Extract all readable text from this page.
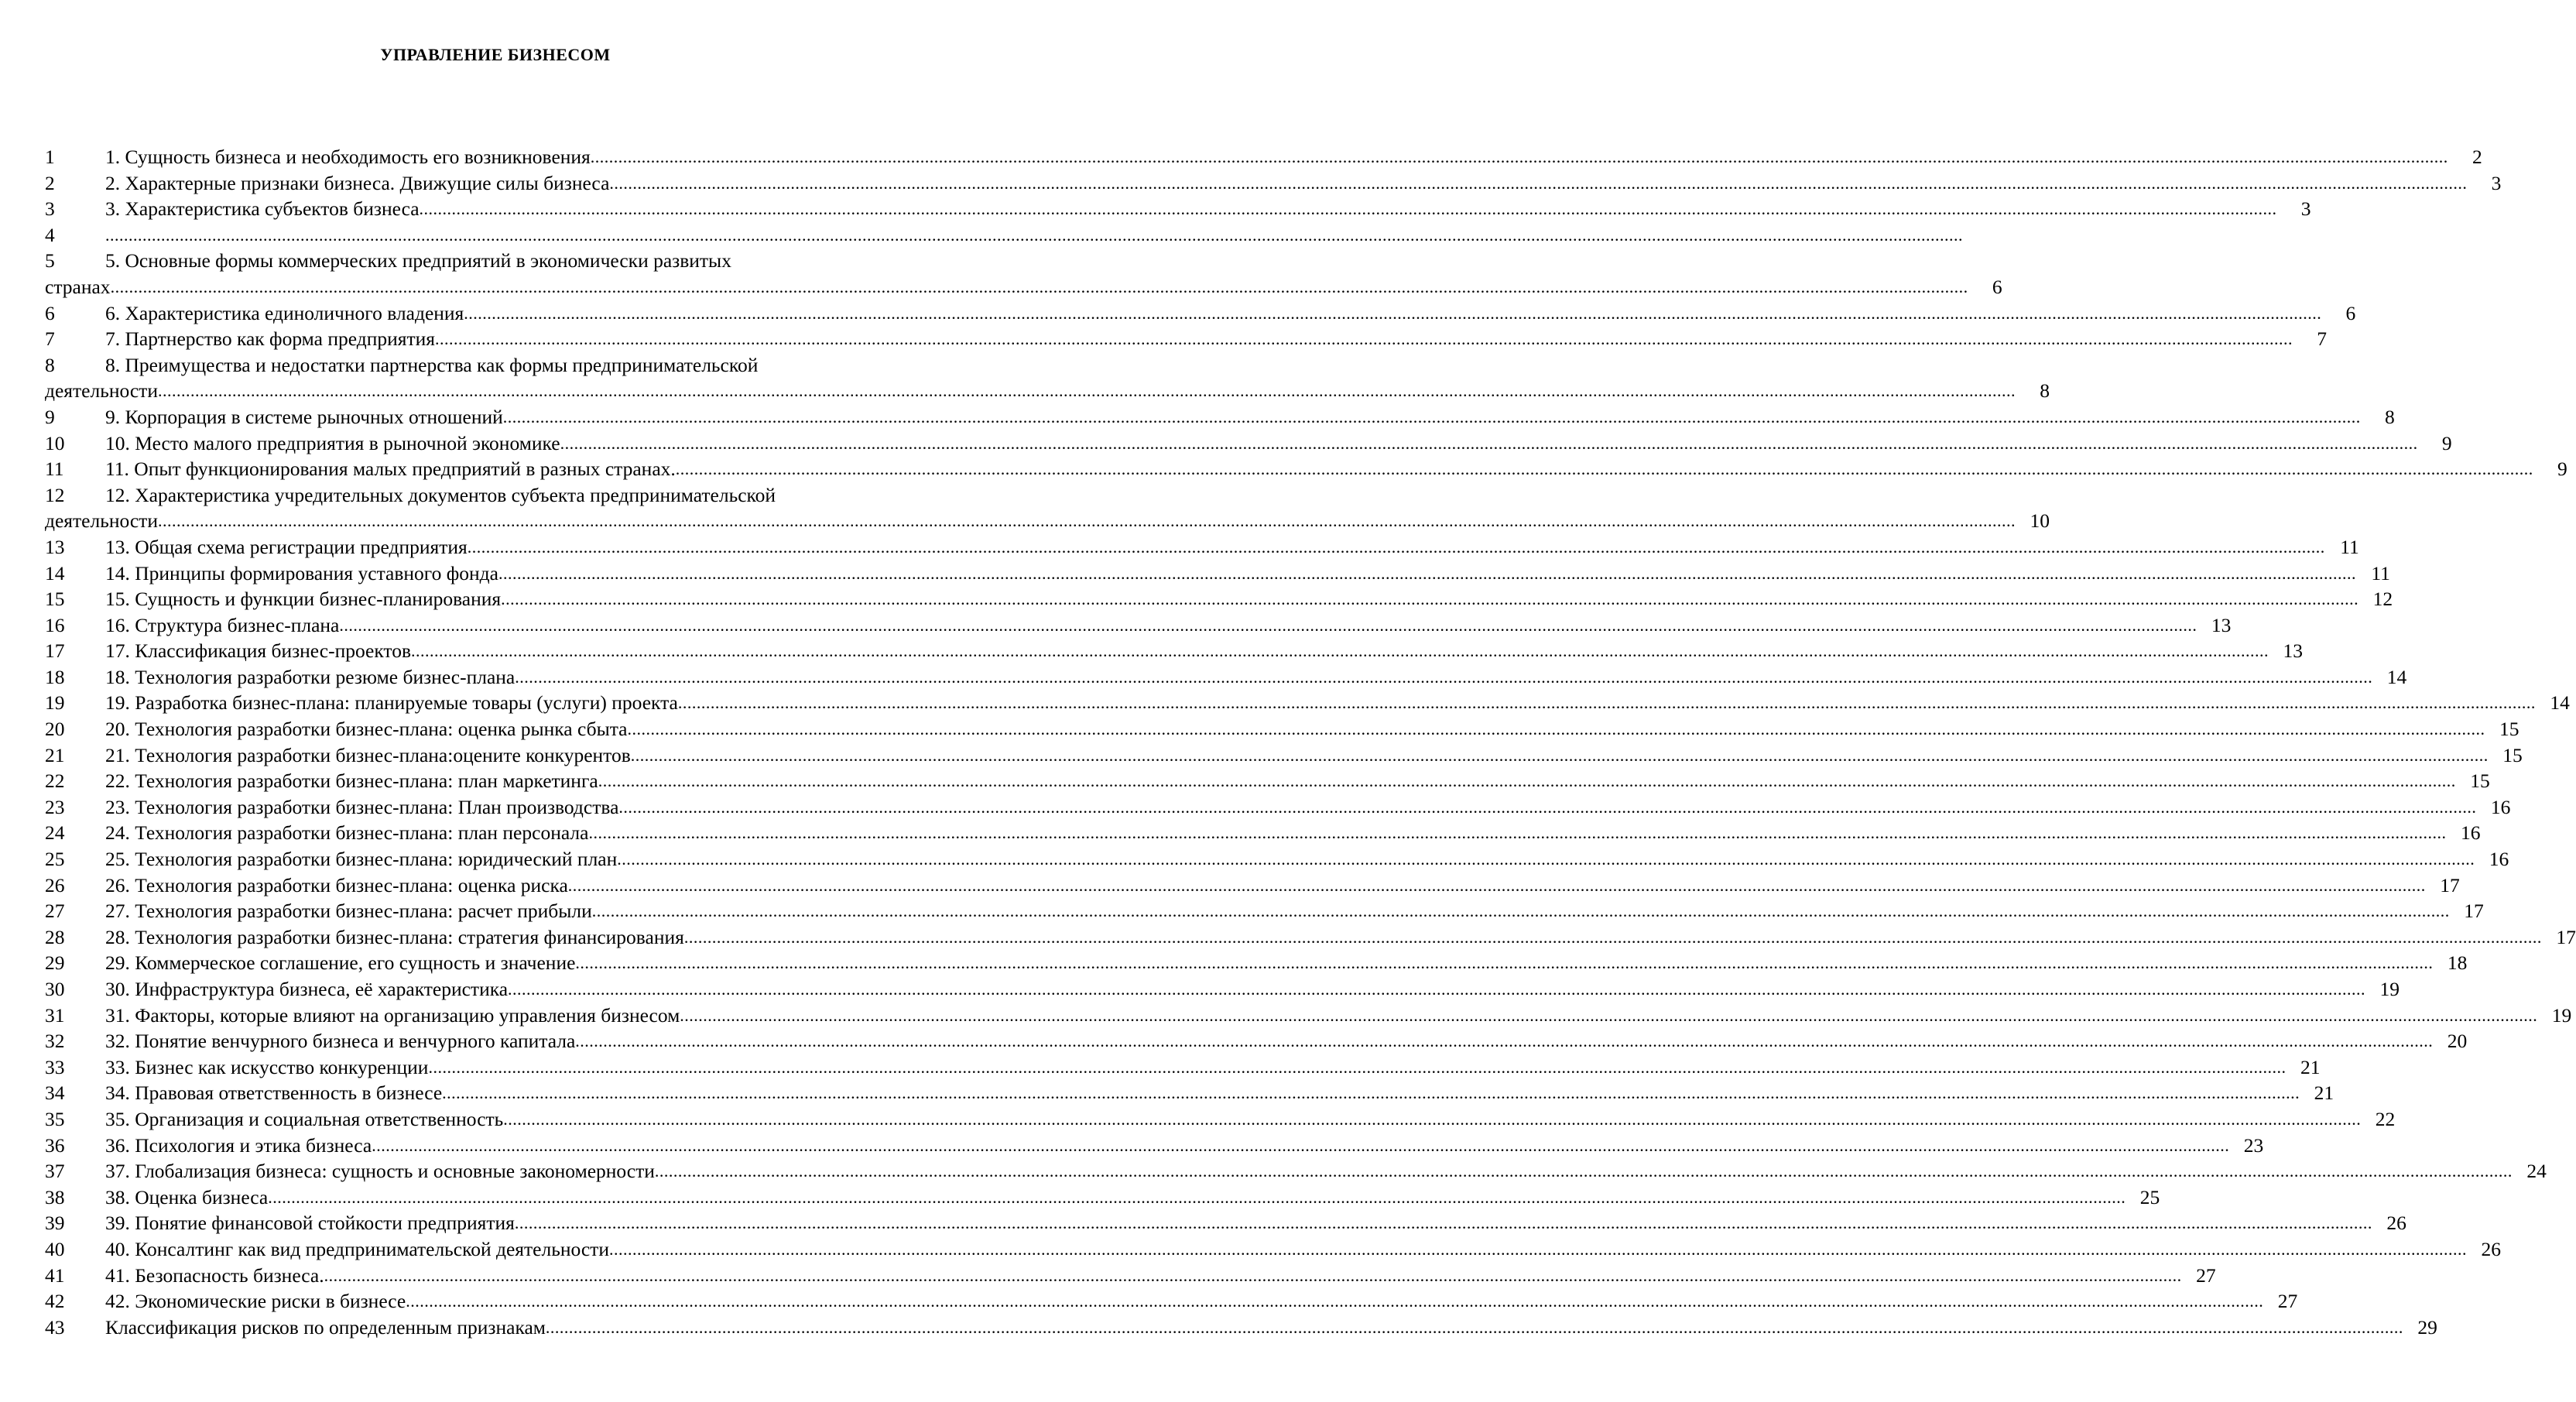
УПРАВЛЕНИЕ БИЗНЕСОМ
1	1. Сущность бизнеса и необходимость его возникновения ................................................................................................................................................................................................................................................................................................................................................................................................................	2
2	2. Характерные признаки бизнеса. Движущие силы бизнеса ................................................................................................................................................................................................................................................................................................................................................................................................................	3
3	3. Характеристика субъектов бизнеса ................................................................................................................................................................................................................................................................................................................................................................................................................	3
4	................................................................................................................................................................................................................................................................................................................................................................................................................
5	5. Основные формы коммерческих предприятий в экономически развитых
странах ................................................................................................................................................................................................................................................................................................................................................................................................................	6
6	6. Характеристика единоличного владения ................................................................................................................................................................................................................................................................................................................................................................................................................	6
7	7. Партнерство как форма предприятия ................................................................................................................................................................................................................................................................................................................................................................................................................	7
8	8. Преимущества и недостатки партнерства как формы предпринимательской
деятельности ................................................................................................................................................................................................................................................................................................................................................................................................................	8
9	9. Корпорация в системе рыночных отношений ................................................................................................................................................................................................................................................................................................................................................................................................................	8
10	10. Место малого предприятия в рыночной экономике ................................................................................................................................................................................................................................................................................................................................................................................................................	9
11	11. Опыт функционирования малых предприятий в разных странах. ................................................................................................................................................................................................................................................................................................................................................................................................................	9
12	12. Характеристика учредительных документов субъекта предпринимательской
деятельности ................................................................................................................................................................................................................................................................................................................................................................................................................ 10
13	13. Общая схема регистрации предприятия ................................................................................................................................................................................................................................................................................................................................................................................................................ 11
14	14. Принципы формирования уставного фонда ................................................................................................................................................................................................................................................................................................................................................................................................................ 11
15	15. Сущность и функции бизнес-планирования ................................................................................................................................................................................................................................................................................................................................................................................................................ 12
16	16. Структура бизнес-плана ................................................................................................................................................................................................................................................................................................................................................................................................................ 13
17	17. Классификация бизнес-проектов ................................................................................................................................................................................................................................................................................................................................................................................................................ 13
18	18. Технология разработки резюме бизнес-плана ................................................................................................................................................................................................................................................................................................................................................................................................................ 14
19	19. Разработка бизнес-плана: планируемые товары (услуги) проекта ................................................................................................................................................................................................................................................................................................................................................................................................................ 14
20	20. Технология разработки бизнес-плана: оценка рынка сбыта ................................................................................................................................................................................................................................................................................................................................................................................................................ 15
21	21. Технология разработки бизнес-плана:оцените конкурентов ................................................................................................................................................................................................................................................................................................................................................................................................................ 15
22	22. Технология разработки бизнес-плана: план маркетинга ................................................................................................................................................................................................................................................................................................................................................................................................................ 15
23	23. Технология разработки бизнес-плана: План производства ................................................................................................................................................................................................................................................................................................................................................................................................................ 16
24	24. Технология разработки бизнес-плана: план персонала ................................................................................................................................................................................................................................................................................................................................................................................................................ 16
25	25. Технология разработки бизнес-плана: юридический план ................................................................................................................................................................................................................................................................................................................................................................................................................ 16
26	26. Технология разработки бизнес-плана: оценка риска ................................................................................................................................................................................................................................................................................................................................................................................................................ 17
27	27. Технология разработки бизнес-плана: расчет прибыли ................................................................................................................................................................................................................................................................................................................................................................................................................ 17
28	28. Технология разработки бизнес-плана: стратегия финансирования ................................................................................................................................................................................................................................................................................................................................................................................................................ 17
29	29. Коммерческое соглашение, его сущность и значение ................................................................................................................................................................................................................................................................................................................................................................................................................ 18
30	30. Инфраструктура бизнеса, её характеристика ................................................................................................................................................................................................................................................................................................................................................................................................................ 19
31	31. Факторы, которые влияют на организацию управления бизнесом ................................................................................................................................................................................................................................................................................................................................................................................................................ 19
32	32. Понятие венчурного бизнеса и венчурного капитала ................................................................................................................................................................................................................................................................................................................................................................................................................ 20
33	33. Бизнес как искусство конкуренции ................................................................................................................................................................................................................................................................................................................................................................................................................ 21
34	34. Правовая ответственность в бизнесе ................................................................................................................................................................................................................................................................................................................................................................................................................ 21
35	35. Организация и социальная ответственность ................................................................................................................................................................................................................................................................................................................................................................................................................ 22
36	36. Психология и этика бизнеса ................................................................................................................................................................................................................................................................................................................................................................................................................ 23
37	37. Глобализация бизнеса: сущность и основные закономерности ................................................................................................................................................................................................................................................................................................................................................................................................................ 24
38	38. Оценка бизнеса ................................................................................................................................................................................................................................................................................................................................................................................................................ 25
39	39. Понятие финансовой стойкости предприятия ................................................................................................................................................................................................................................................................................................................................................................................................................ 26
40	40. Консалтинг как вид предпринимательской деятельности ................................................................................................................................................................................................................................................................................................................................................................................................................ 26
41	41. Безопасность бизнеса. ................................................................................................................................................................................................................................................................................................................................................................................................................ 27
42	42. Экономические риски в бизнесе ................................................................................................................................................................................................................................................................................................................................................................................................................ 27
43	Классификация рисков по определенным признакам ................................................................................................................................................................................................................................................................................................................................................................................................................ 29
